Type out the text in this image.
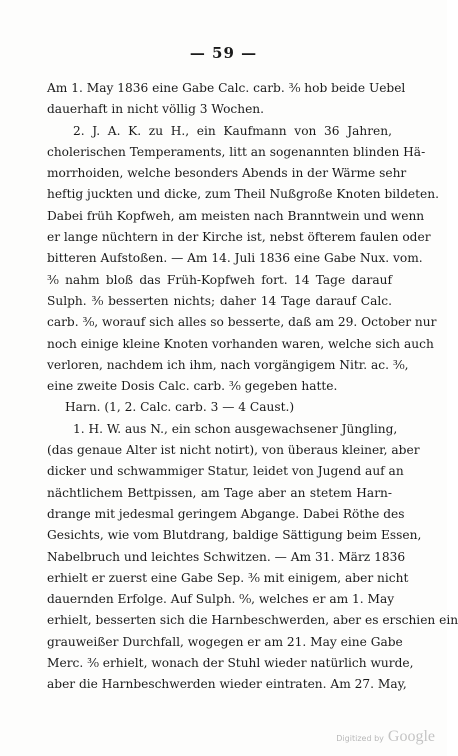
— 59 —
Am 1. May 1836 eine Gabe Calc. carb. ³⁄₀ hob beide Uebel
dauerhaft in nicht völlig 3 Wochen.
2. J. A. K. zu H., ein Kaufmann von 36 Jahren,
cholerischen Temperaments, litt an sogenannten blinden Hä-
morrhoiden, welche besonders Abends in der Wärme sehr
heftig juckten und dicke, zum Theil Nußgroße Knoten bildeten.
Dabei früh Kopfweh, am meisten nach Branntwein und wenn
er lange nüchtern in der Kirche ist, nebst öfterem faulen oder
bitteren Aufstoßen. — Am 14. Juli 1836 eine Gabe Nux. vom.
³⁄₀ nahm bloß das Früh-Kopfweh fort. 14 Tage darauf
Sulph. ³⁄₀ besserten nichts; daher 14 Tage darauf Calc.
carb. ³⁄₀, worauf sich alles so besserte, daß am 29. October nur
noch einige kleine Knoten vorhanden waren, welche sich auch
verloren, nachdem ich ihm, nach vorgängigem Nitr. ac. ³⁄₀,
eine zweite Dosis Calc. carb. ³⁄₀ gegeben hatte.
Harn. (1, 2. Calc. carb. 3 — 4 Caust.)
1. H. W. aus N., ein schon ausgewachsener Jüngling,
(das genaue Alter ist nicht notirt), von überaus kleiner, aber
dicker und schwammiger Statur, leidet von Jugend auf an
nächtlichem Bettpissen, am Tage aber an stetem Harn-
drange mit jedesmal geringem Abgange. Dabei Röthe des
Gesichts, wie vom Blutdrang, baldige Sättigung beim Essen,
Nabelbruch und leichtes Schwitzen. — Am 31. März 1836
erhielt er zuerst eine Gabe Sep. ³⁄₀ mit einigem, aber nicht
dauernden Erfolge. Auf Sulph. ⁰⁄₀, welches er am 1. May
erhielt, besserten sich die Harnbeschwerden, aber es erschien ein
grauweißer Durchfall, wogegen er am 21. May eine Gabe
Merc. ³⁄₀ erhielt, wonach der Stuhl wieder natürlich wurde,
aber die Harnbeschwerden wieder eintraten. Am 27. May,
Digitized by Google
